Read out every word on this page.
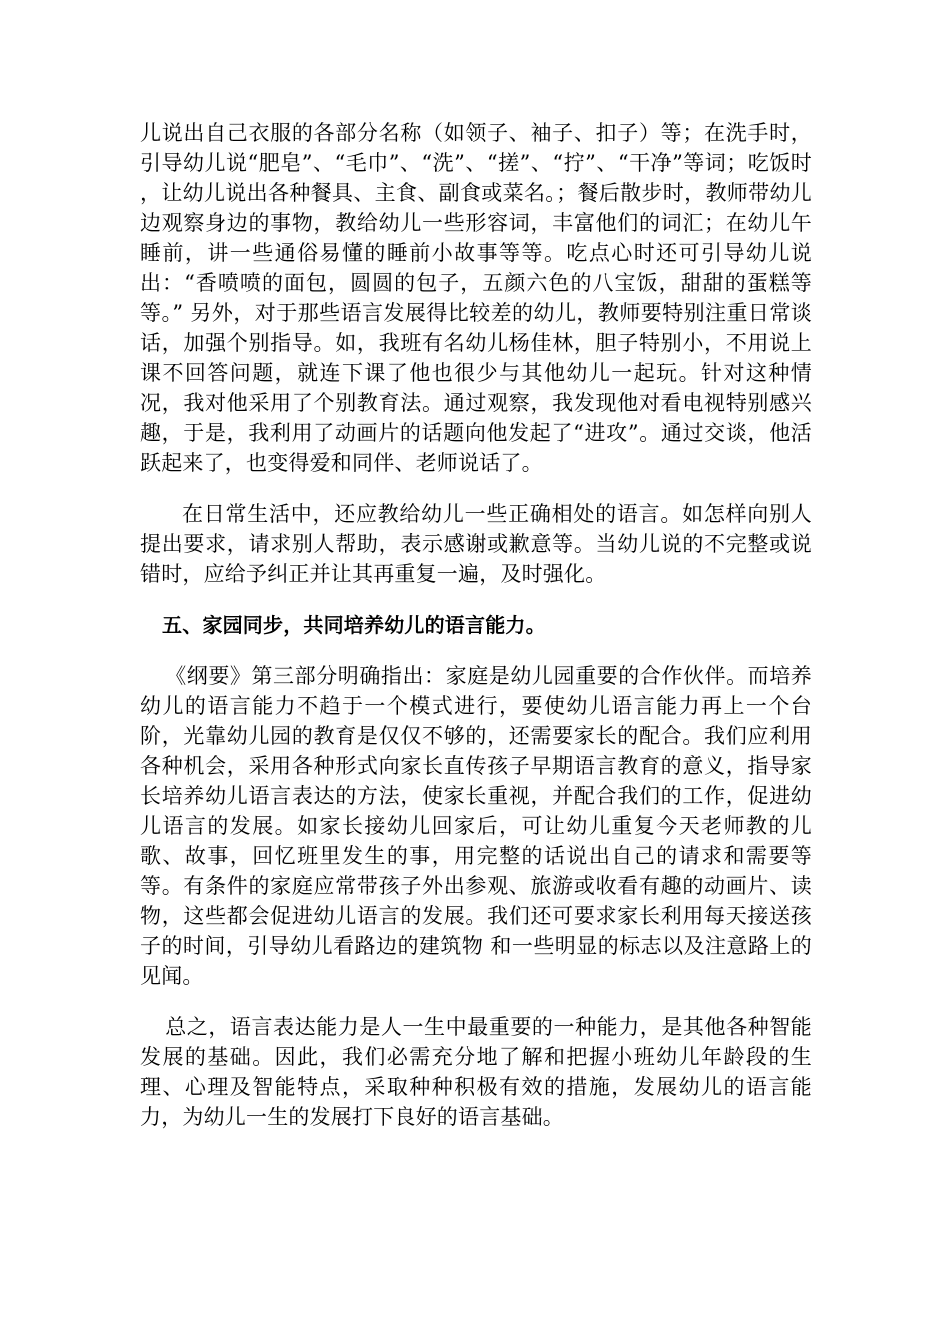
儿说出自己衣服的各部分名称（如领子、袖子、扣子）等；在洗手时，引导幼儿说“肥皂”、“毛巾”、“洗”、“搓”、“拧”、“干净”等词；吃饭时 ，让幼儿说出各种餐具、主食、副食或菜名。；餐后散步时，教师带幼儿边观察身边的事物，教给幼儿一些形容词，丰富他们的词汇；在幼儿午睡前，讲一些通俗易懂的睡前小故事等等。吃点心时还可引导幼儿说出：“香喷喷的面包，圆圆的包子，五颜六色的八宝饭，甜甜的蛋糕等等。” 另外，对于那些语言发展得比较差的幼儿，教师要特别注重日常谈话，加强个别指导。如，我班有名幼儿杨佳林，胆子特别小，不用说上课不回答问题，就连下课了他也很少与其他幼儿一起玩。针对这种情况，我对他采用了个别教育法。通过观察，我发现他对看电视特别感兴趣，于是，我利用了动画片的话题向他发起了“进攻”。通过交谈，他活跃起来了，也变得爱和同伴、老师说话了。

在日常生活中，还应教给幼儿一些正确相处的语言。如怎样向别人提出要求，请求别人帮助，表示感谢或歉意等。当幼儿说的不完整或说错时，应给予纠正并让其再重复一遍，及时强化。

五、家园同步，共同培养幼儿的语言能力。

《纲要》第三部分明确指出：家庭是幼儿园重要的合作伙伴。而培养幼儿的语言能力不趋于一个模式进行，要使幼儿语言能力再上一个台阶，光靠幼儿园的教育是仅仅不够的，还需要家长的配合。我们应利用各种机会，采用各种形式向家长直传孩子早期语言教育的意义，指导家长培养幼儿语言表达的方法，使家长重视，并配合我们的工作，促进幼儿语言的发展。如家长接幼儿回家后，可让幼儿重复今天老师教的儿歌、故事，回忆班里发生的事，用完整的话说出自己的请求和需要等等。有条件的家庭应常带孩子外出参观、旅游或收看有趣的动画片、读物，这些都会促进幼儿语言的发展。我们还可要求家长利用每天接送孩子的时间，引导幼儿看路边的建筑物 和一些明显的标志以及注意路上的见闻。

总之，语言表达能力是人一生中最重要的一种能力，是其他各种智能发展的基础。因此，我们必需充分地了解和把握小班幼儿年龄段的生理、心理及智能特点，采取种种积极有效的措施，发展幼儿的语言能力，为幼儿一生的发展打下良好的语言基础。
